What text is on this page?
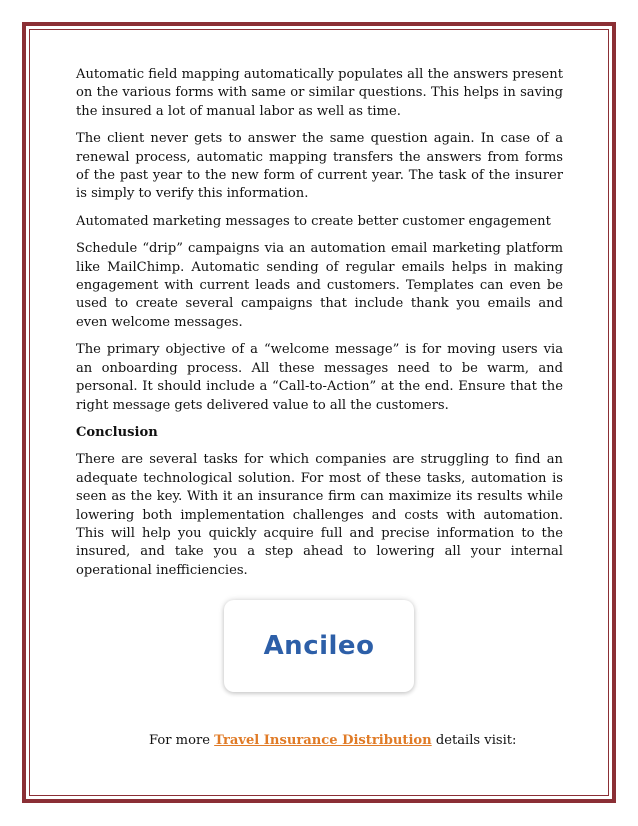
Automatic field mapping automatically populates all the answers present on the various forms with same or similar questions. This helps in saving the insured a lot of manual labor as well as time.

The client never gets to answer the same question again. In case of a renewal process, automatic mapping transfers the answers from forms of the past year to the new form of current year. The task of the insurer is simply to verify this information.

Automated marketing messages to create better customer engagement

Schedule “drip” campaigns via an automation email marketing platform like MailChimp. Automatic sending of regular emails helps in making engagement with current leads and customers. Templates can even be used to create several campaigns that include thank you emails and even welcome messages.

The primary objective of a “welcome message” is for moving users via an onboarding process. All these messages need to be warm, and personal. It should include a “Call-to-Action” at the end. Ensure that the right message gets delivered value to all the customers.

Conclusion

There are several tasks for which companies are struggling to find an adequate technological solution. For most of these tasks, automation is seen as the key. With it an insurance firm can maximize its results while lowering both implementation challenges and costs with automation. This will help you quickly acquire full and precise information to the insured, and take you a step ahead to lowering all your internal operational inefficiencies.

Ancileo
For more Travel Insurance Distribution details visit:
